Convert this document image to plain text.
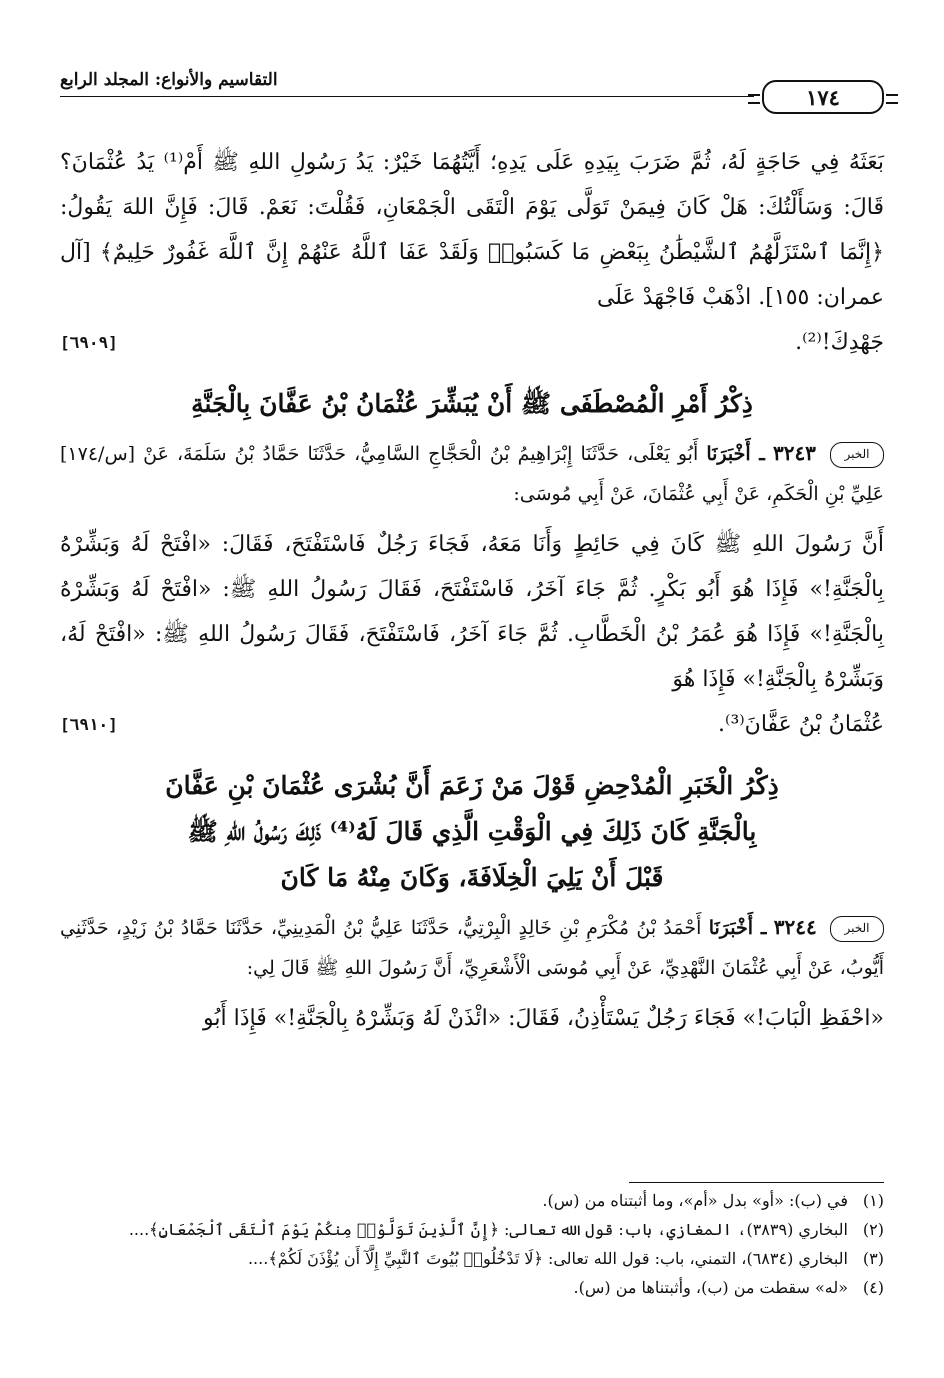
١٧٤
التقاسيم والأنواع: المجلد الرابع

بَعَثَهُ فِي حَاجَةٍ لَهُ، ثُمَّ ضَرَبَ بِيَدِهِ عَلَى يَدِهِ؛ أَيَّتُهُمَا خَيْرٌ: يَدُ رَسُولِ اللهِ ﷺ أَمْ⁽¹⁾ يَدُ عُثْمَانَ؟ قَالَ: وَسَأَلْتُكَ: هَلْ كَانَ فِيمَنْ تَوَلَّى يَوْمَ الْتَقَى الْجَمْعَانِ، فَقُلْتَ: نَعَمْ. قَالَ: فَإِنَّ اللهَ يَقُولُ: ﴿إِنَّمَا ٱسْتَزَلَّهُمُ ٱلشَّيْطَٰنُ بِبَعْضِ مَا كَسَبُوا۟ وَلَقَدْ عَفَا ٱللَّهُ عَنْهُمْ إِنَّ ٱللَّهَ غَفُورٌ حَلِيمٌ﴾ [آل عمران: ١٥٥]. اذْهَبْ فَاجْهَدْ عَلَى

جَهْدِكَ!⁽²⁾.
[٦٩٠٩]
ذِكْرُ أَمْرِ الْمُصْطَفَى ﷺ أَنْ يُبَشِّرَ عُثْمَانُ بْنُ عَفَّانَ بِالْجَنَّةِ

الخبر ٣٢٤٣ ـ أَخْبَرَنَا أَبُو يَعْلَى، حَدَّثَنَا إِبْرَاهِيمُ بْنُ الْحَجَّاجِ السَّامِيُّ، حَدَّثَنَا حَمَّادُ بْنُ سَلَمَةَ، عَنْ [س/١٧٤] عَلِيِّ بْنِ الْحَكَمِ، عَنْ أَبِي عُثْمَانَ، عَنْ أَبِي مُوسَى:

أَنَّ رَسُولَ اللهِ ﷺ كَانَ فِي حَائِطٍ وَأَنَا مَعَهُ، فَجَاءَ رَجُلٌ فَاسْتَفْتَحَ، فَقَالَ: «افْتَحْ لَهُ وَبَشِّرْهُ بِالْجَنَّةِ!» فَإِذَا هُوَ أَبُو بَكْرٍ. ثُمَّ جَاءَ آخَرُ، فَاسْتَفْتَحَ، فَقَالَ رَسُولُ اللهِ ﷺ: «افْتَحْ لَهُ وَبَشِّرْهُ بِالْجَنَّةِ!» فَإِذَا هُوَ عُمَرُ بْنُ الْخَطَّابِ. ثُمَّ جَاءَ آخَرُ، فَاسْتَفْتَحَ، فَقَالَ رَسُولُ اللهِ ﷺ: «افْتَحْ لَهُ، وَبَشِّرْهُ بِالْجَنَّةِ!» فَإِذَا هُوَ

عُثْمَانُ بْنُ عَفَّانَ⁽³⁾.
[٦٩١٠]
ذِكْرُ الْخَبَرِ الْمُدْحِضِ قَوْلَ مَنْ زَعَمَ أَنَّ بُشْرَى عُثْمَانَ بْنِ عَفَّانَ
بِالْجَنَّةِ كَانَ ذَلِكَ فِي الْوَقْتِ الَّذِي قَالَ لَهُ⁽⁴⁾ ذَلِكَ رَسُولُ اللهِ ﷺ
قَبْلَ أَنْ يَلِيَ الْخِلَافَةَ، وَكَانَ مِنْهُ مَا كَانَ

الخبر ٣٢٤٤ ـ أَخْبَرَنَا أَحْمَدُ بْنُ مُكْرَمِ بْنِ خَالِدٍ الْبِرْتِيُّ، حَدَّثَنَا عَلِيُّ بْنُ الْمَدِينِيِّ، حَدَّثَنَا حَمَّادُ بْنُ زَيْدٍ، حَدَّثَنِي أَيُّوبُ، عَنْ أَبِي عُثْمَانَ النَّهْدِيِّ، عَنْ أَبِي مُوسَى الْأَشْعَرِيِّ، أَنَّ رَسُولَ اللهِ ﷺ قَالَ لِي:

«احْفَظِ الْبَابَ!» فَجَاءَ رَجُلٌ يَسْتَأْذِنُ، فَقَالَ: «ائْذَنْ لَهُ وَبَشِّرْهُ بِالْجَنَّةِ!» فَإِذَا أَبُو

(١)في (ب): «أو» بدل «أم»، وما أثبتناه من (س).

(٢)البخاري (٣٨٣٩)، المغازي، باب: قول الله تعالى: ﴿إِنَّ ٱلَّذِينَ تَوَلَّوْا۟ مِنكُمْ يَوْمَ ٱلْتَقَى ٱلْجَمْعَانِ﴾....

(٣)البخاري (٦٨٣٤)، التمني، باب: قول الله تعالى: ﴿لَا تَدْخُلُوا۟ بُيُوتَ ٱلنَّبِيِّ إِلَّآ أَن يُؤْذَنَ لَكُمْ﴾....

(٤)«له» سقطت من (ب)، وأثبتناها من (س).
